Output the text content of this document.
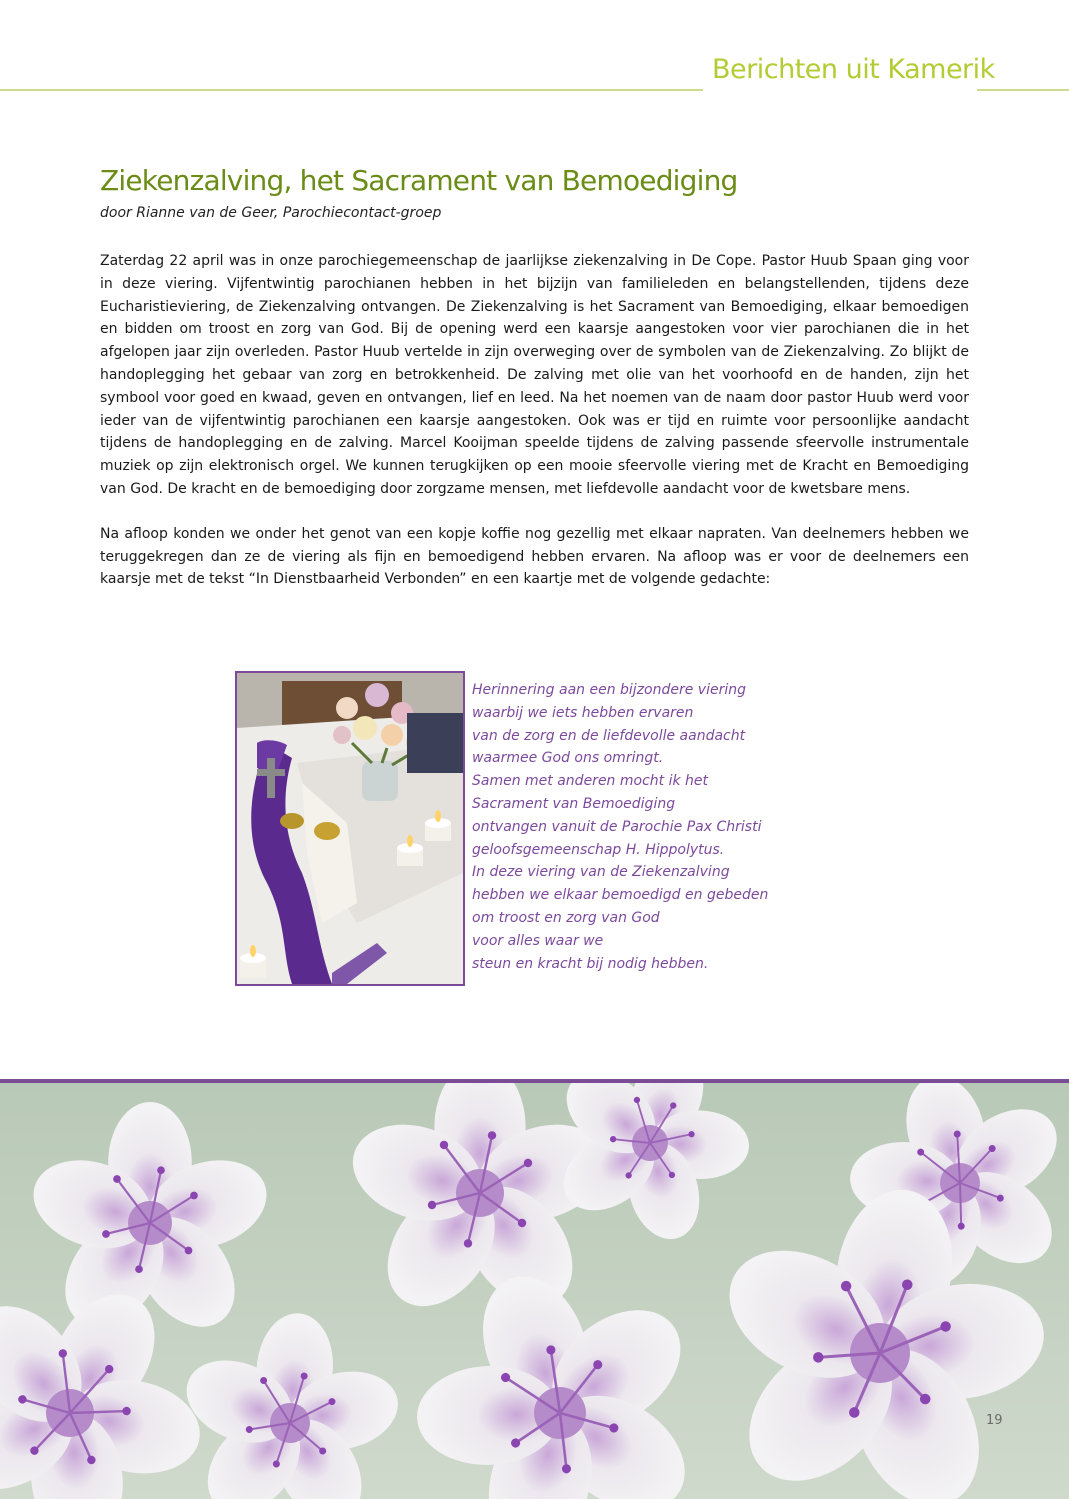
Berichten uit Kamerik
Ziekenzalving, het Sacrament van Bemoediging
door Rianne van de Geer, Parochiecontact-groep

Zaterdag 22 april was in onze parochiegemeenschap de jaarlijkse ziekenzalving in De Cope. Pastor Huub Spaan ging voor in deze viering. Vijfentwintig parochianen hebben in het bijzijn van familieleden en belangstellenden, tijdens deze Eucharistieviering, de Ziekenzalving ontvangen. De Ziekenzalving is het Sacrament van Bemoediging, elkaar bemoedigen en bidden om troost en zorg van God. Bij de opening werd een kaarsje aangestoken voor vier parochianen die in het afgelopen jaar zijn overleden. Pastor Huub vertelde in zijn overweging over de symbolen van de Ziekenzalving. Zo blijkt de handoplegging het gebaar van zorg en betrokkenheid. De zalving met olie van het voorhoofd en de handen, zijn het symbool voor goed en kwaad, geven en ontvangen, lief en leed. Na het noemen van de naam door pastor Huub werd voor ieder van de vijfentwintig parochianen een kaarsje aangestoken. Ook was er tijd en ruimte voor persoonlijke aandacht tijdens de handoplegging en de zalving. Marcel Kooijman speelde tijdens de zalving passende sfeervolle instrumentale muziek op zijn elektronisch orgel. We kunnen terugkijken op een mooie sfeervolle viering met de Kracht en Bemoediging van God. De kracht en de bemoediging door zorgzame mensen, met liefdevolle aandacht voor de kwetsbare mens.

Na afloop konden we onder het genot van een kopje koffie nog gezellig met elkaar napraten. Van deelnemers hebben we teruggekregen dan ze de viering als fijn en bemoedigend hebben ervaren. Na afloop was er voor de deelnemers een kaarsje met de tekst “In Dienstbaarheid Verbonden” en een kaartje met de volgende gedachte:

Herinnering aan een bijzondere viering
waarbij we iets hebben ervaren
van de zorg en de liefdevolle aandacht
waarmee God ons omringt.
Samen met anderen mocht ik het
Sacrament van Bemoediging
ontvangen vanuit de Parochie Pax Christi
geloofsgemeenschap H. Hippolytus.
In deze viering van de Ziekenzalving
hebben we elkaar bemoedigd en gebeden
om troost en zorg van God
voor alles waar we
steun en kracht bij nodig hebben.
19
